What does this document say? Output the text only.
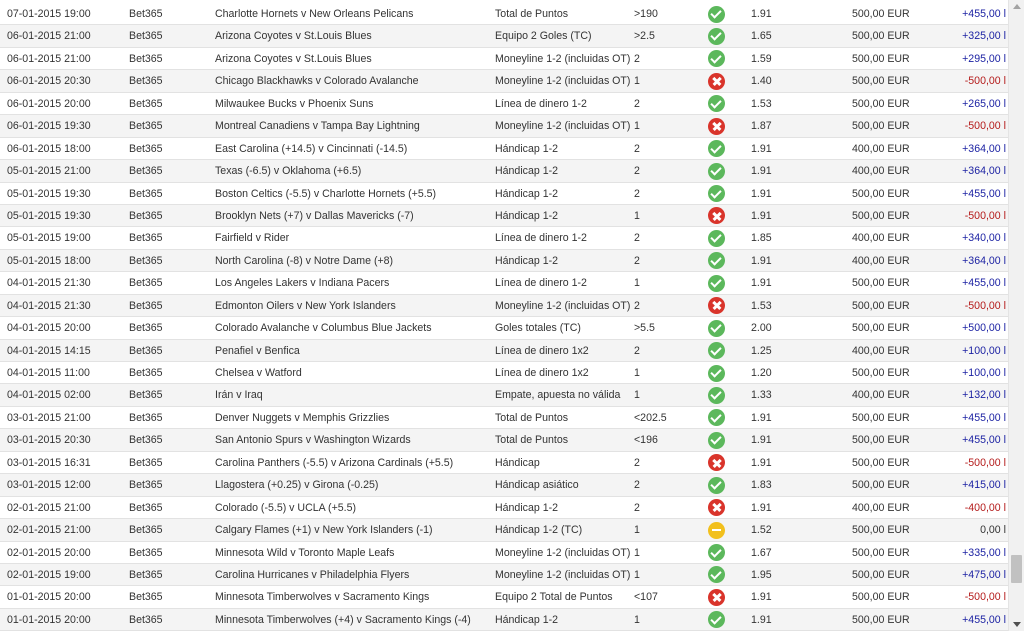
07-01-2015 19:00	Bet365	Charlotte Hornets v New Orleans Pelicans	Total de Puntos	>190	1.91	500,00 EUR	+455,00 l
06-01-2015 21:00	Bet365	Arizona Coyotes v St.Louis Blues	Equipo 2 Goles (TC)	>2.5	1.65	500,00 EUR	+325,00 l
06-01-2015 21:00	Bet365	Arizona Coyotes v St.Louis Blues	Moneyline 1-2 (incluidas OT) 2	1.59	500,00 EUR	+295,00 l
06-01-2015 20:30	Bet365	Chicago Blackhawks v Colorado Avalanche	Moneyline 1-2 (incluidas OT) 1	1.40	500,00 EUR	-500,00 l
06-01-2015 20:00	Bet365	Milwaukee Bucks v Phoenix Suns	Línea de dinero 1-2	2	1.53	500,00 EUR	+265,00 l
06-01-2015 19:30	Bet365	Montreal Canadiens v Tampa Bay Lightning	Moneyline 1-2 (incluidas OT) 1	1.87	500,00 EUR	-500,00 l
06-01-2015 18:00	Bet365	East Carolina (+14.5) v Cincinnati (-14.5)	Hándicap 1-2	2	1.91	400,00 EUR	+364,00 l
05-01-2015 21:00	Bet365	Texas (-6.5) v Oklahoma (+6.5)	Hándicap 1-2	2	1.91	400,00 EUR	+364,00 l
05-01-2015 19:30	Bet365	Boston Celtics (-5.5) v Charlotte Hornets (+5.5)	Hándicap 1-2	2	1.91	500,00 EUR	+455,00 l
05-01-2015 19:30	Bet365	Brooklyn Nets (+7) v Dallas Mavericks (-7)	Hándicap 1-2	1	1.91	500,00 EUR	-500,00 l
05-01-2015 19:00	Bet365	Fairfield v Rider	Línea de dinero 1-2	2	1.85	400,00 EUR	+340,00 l
05-01-2015 18:00	Bet365	North Carolina (-8) v Notre Dame (+8)	Hándicap 1-2	2	1.91	400,00 EUR	+364,00 l
04-01-2015 21:30	Bet365	Los Angeles Lakers v Indiana Pacers	Línea de dinero 1-2	1	1.91	500,00 EUR	+455,00 l
04-01-2015 21:30	Bet365	Edmonton Oilers v New York Islanders	Moneyline 1-2 (incluidas OT) 2	1.53	500,00 EUR	-500,00 l
04-01-2015 20:00	Bet365	Colorado Avalanche v Columbus Blue Jackets	Goles totales (TC)	>5.5	2.00	500,00 EUR	+500,00 l
04-01-2015 14:15	Bet365	Penafiel v Benfica	Línea de dinero 1x2	2	1.25	400,00 EUR	+100,00 l
04-01-2015 11:00	Bet365	Chelsea v Watford	Línea de dinero 1x2	1	1.20	500,00 EUR	+100,00 l
04-01-2015 02:00	Bet365	Irán v Iraq	Empate, apuesta no válida	1	1.33	400,00 EUR	+132,00 l
03-01-2015 21:00	Bet365	Denver Nuggets v Memphis Grizzlies	Total de Puntos	<202.5	1.91	500,00 EUR	+455,00 l
03-01-2015 20:30	Bet365	San Antonio Spurs v Washington Wizards	Total de Puntos	<196	1.91	500,00 EUR	+455,00 l
03-01-2015 16:31	Bet365	Carolina Panthers (-5.5) v Arizona Cardinals (+5.5)	Hándicap	2	1.91	500,00 EUR	-500,00 l
03-01-2015 12:00	Bet365	Llagostera (+0.25) v Girona (-0.25)	Hándicap asiático	2	1.83	500,00 EUR	+415,00 l
02-01-2015 21:00	Bet365	Colorado (-5.5) v UCLA (+5.5)	Hándicap 1-2	2	1.91	400,00 EUR	-400,00 l
02-01-2015 21:00	Bet365	Calgary Flames (+1) v New York Islanders (-1)	Hándicap 1-2 (TC)	1	1.52	500,00 EUR	0,00 l
02-01-2015 20:00	Bet365	Minnesota Wild v Toronto Maple Leafs	Moneyline 1-2 (incluidas OT) 1	1.67	500,00 EUR	+335,00 l
02-01-2015 19:00	Bet365	Carolina Hurricanes v Philadelphia Flyers	Moneyline 1-2 (incluidas OT) 1	1.95	500,00 EUR	+475,00 l
01-01-2015 20:00	Bet365	Minnesota Timberwolves v Sacramento Kings	Equipo 2 Total de Puntos	<107	1.91	500,00 EUR	-500,00 l
01-01-2015 20:00	Bet365	Minnesota Timberwolves (+4) v Sacramento Kings (-4)	Hándicap 1-2	1	1.91	500,00 EUR	+455,00 l
